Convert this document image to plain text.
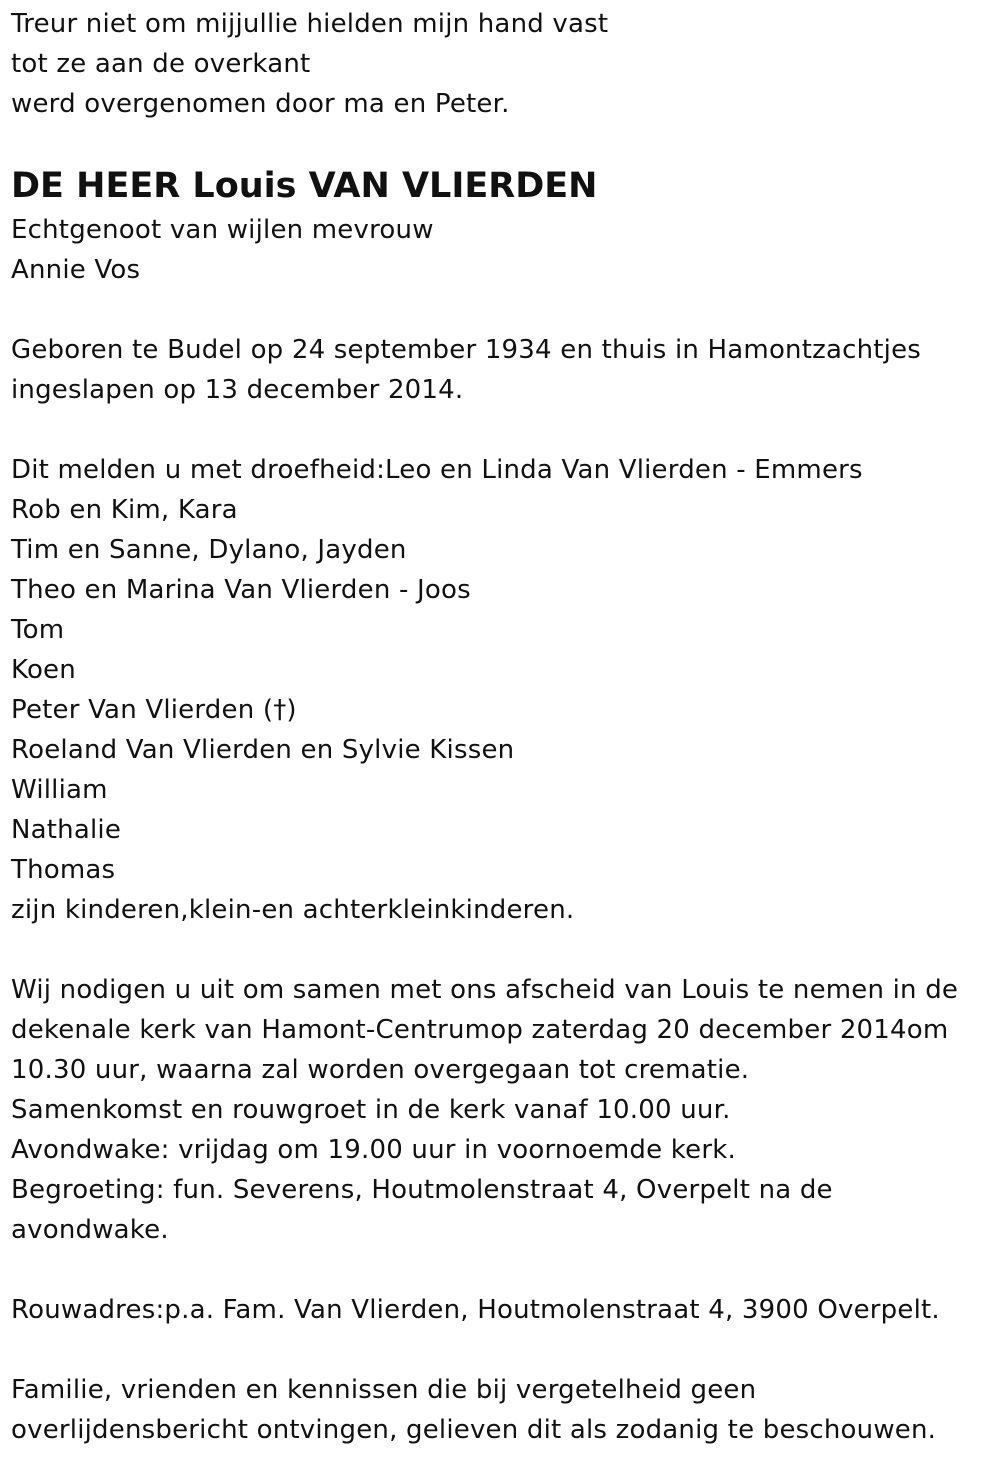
Treur niet om mijjullie hielden mijn hand vast
tot ze aan de overkant
werd overgenomen door ma en Peter.
DE HEER Louis VAN VLIERDEN
Echtgenoot van wijlen mevrouw
Annie Vos
Geboren te Budel op 24 september 1934 en thuis in Hamontzachtjes
ingeslapen op 13 december 2014.
Dit melden u met droefheid:Leo en Linda Van Vlierden - Emmers
Rob en Kim, Kara
Tim en Sanne, Dylano, Jayden
Theo en Marina Van Vlierden - Joos
Tom
Koen
Peter Van Vlierden (†)
Roeland Van Vlierden en Sylvie Kissen
William
Nathalie
Thomas
zijn kinderen,klein-en achterkleinkinderen.
Wij nodigen u uit om samen met ons afscheid van Louis te nemen in de
dekenale kerk van Hamont-Centrumop zaterdag 20 december 2014om
10.30 uur, waarna zal worden overgegaan tot crematie.
Samenkomst en rouwgroet in de kerk vanaf 10.00 uur.
Avondwake: vrijdag om 19.00 uur in voornoemde kerk.
Begroeting: fun. Severens, Houtmolenstraat 4, Overpelt na de
avondwake.
Rouwadres:p.a. Fam. Van Vlierden, Houtmolenstraat 4, 3900 Overpelt.
Familie, vrienden en kennissen die bij vergetelheid geen
overlijdensbericht ontvingen, gelieven dit als zodanig te beschouwen.
